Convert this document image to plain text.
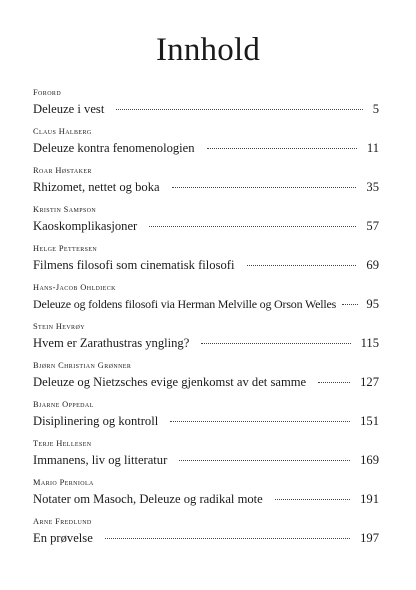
Innhold
Forord
Deleuze i vest	5
Claus Halberg
Deleuze kontra fenomenologien	11
Roar Høstaker
Rhizomet, nettet og boka	35
Kristin Sampson
Kaoskomplikasjoner	57
Helge Pettersen
Filmens filosofi som cinematisk filosofi	69
Hans-Jacob Ohldieck
Deleuze og foldens filosofi via Herman Melville og Orson Welles 95
Stein Hevrøy
Hvem er Zarathustras yngling?	115
Bjørn Christian Grønner
Deleuze og Nietzsches evige gjenkomst av det samme	127
Bjarne Oppedal
Disiplinering og kontroll	151
Terje Hellesen
Immanens, liv og litteratur	169
Mario Perniola
Notater om Masoch, Deleuze og radikal mote	191
Arne Fredlund
En prøvelse	197
